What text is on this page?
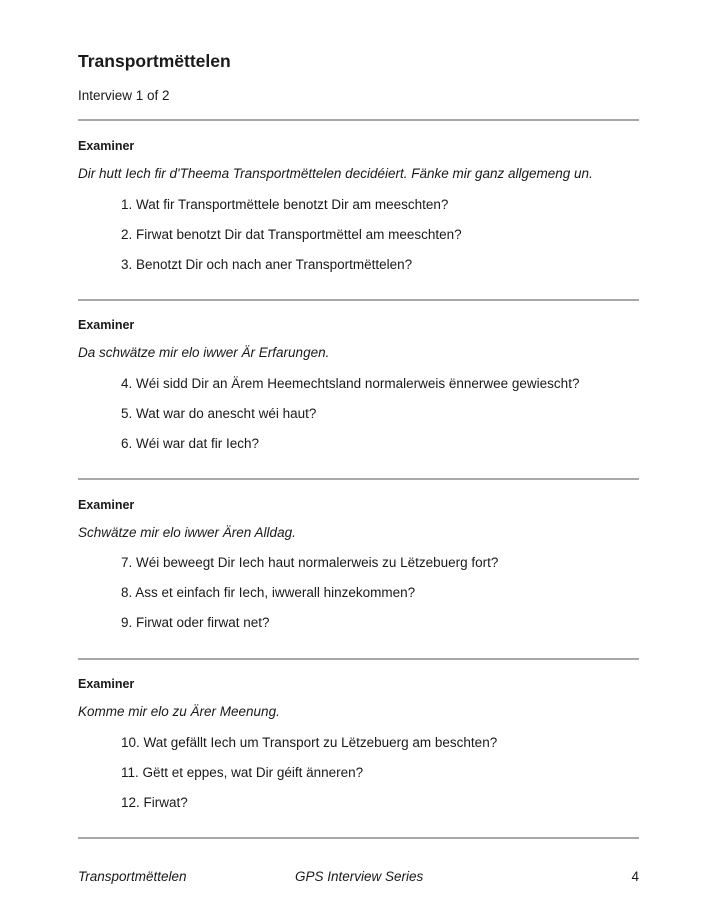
Transportmëttelen
Interview 1 of 2
Examiner
Dir hutt Iech fir d'Theema Transportmëttelen decidéiert. Fänke mir ganz allgemeng un.
1. Wat fir Transportmëttele benotzt Dir am meeschten?
2. Firwat benotzt Dir dat Transportmëttel am meeschten?
3. Benotzt Dir och nach aner Transportmëttelen?
Examiner
Da schwätze mir elo iwwer Är Erfarungen.
4. Wéi sidd Dir an Ärem Heemechtsland normalerweis ënnerwee gewiescht?
5. Wat war do anescht wéi haut?
6. Wéi war dat fir Iech?
Examiner
Schwätze mir elo iwwer Ären Alldag.
7. Wéi beweegt Dir Iech haut normalerweis zu Lëtzebuerg fort?
8. Ass et einfach fir Iech, iwwerall hinzekommen?
9. Firwat oder firwat net?
Examiner
Komme mir elo zu Ärer Meenung.
10. Wat gefällt Iech um Transport zu Lëtzebuerg am beschten?
11. Gëtt et eppes, wat Dir géift änneren?
12. Firwat?
Transportmëttelen	GPS Interview Series	4
